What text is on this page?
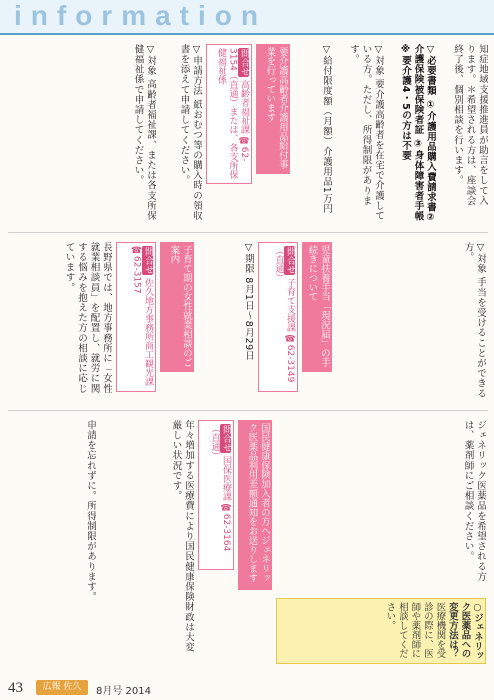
information
知症地域支援推進員が助言をして入ります。＊希望される方は、座談会終了後、個別相談を行います。
▽必要書類 ①介護用品購入費請求書②介護保険被保険者証 ③身体障害者手帳 ※要介護4・5の方は不要
▽対象 要介護高齢者を在宅で介護している方。ただし、所得制限があります。
要介護高齢者介護用品給付事業を行っています
問合せ 高齢者福祉課 ☎62-3154（直通）または、各支所保健福祉係	▽給付限度額（月額）介護用品1万円
▽申請方法 紙おむつ等の購入時の領収書を添えて申請してください。
▽対象 高齢者福祉課、または各支所保健福祉係で申請してください。
児童扶養手当「現況届」の手続きについて
問合せ 子育て支援課 ☎62-3149（直通）	▽対象 手当を受けることができる方。
▽期限 8月1日〜8月29日
子育て期の女性就業相談のご案内
問合せ 佐久地方事務所商工観光課 ☎62-3157
長野県では、地方事務所に「女性就業相談員」を配置し、就労に関する悩みを抱えた方の相談に応じています。
国民健康保険加入者の方へジェネリック医薬品利用差額通知をお送りします
問合せ 国保医療課 ☎62-3164（直通）	ジェネリック医薬品を希望される方は、薬剤師にご相談ください。
年々増加する医療費により国民健康保険財政は大変厳しい状況です。
申請を忘れずに。所得制限があります。
○ジェネリック医薬品への変更方法は？ 医療機関を受診の際に、医師や薬剤師に相談してください。
43	広報 佐久	8月号 2014
